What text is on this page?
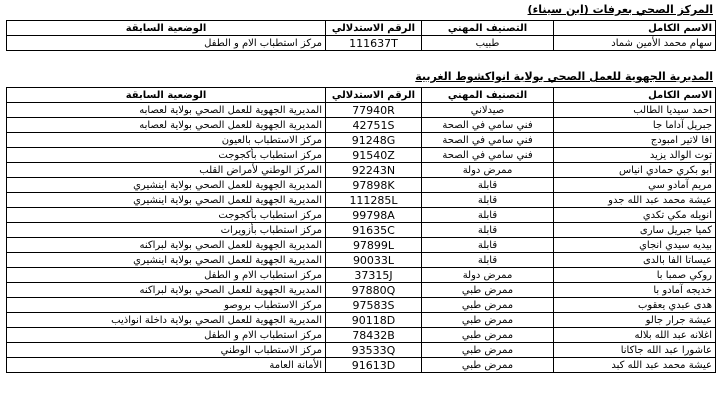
المركز الصحي بعرفات (ابن سيناء)
الاسم الكامل	التصنيف المهني	الرقم الاستدلالي	الوضعية السابقة
سهام محمد الأمين شماد	طبيب	111637T	مركز استطباب الام و الطفل
المديرية الجهوية للعمل الصحي بولاية انواكشوط الغربية
الاسم الكامل	التصنيف المهني	الرقم الاستدلالي	الوضعية السابقة
احمد سيديا الطالب	صيدلاني	77940R	المديرية الجهوية للعمل الصحي بولاية لعصابه
جبريل آداما جا	فني سامي في الصحة	42751S	المديرية الجهوية للعمل الصحي بولاية لعصابه
افا لاتير امبودج	فني سامي في الصحة	91248G	مركز الاستطباب بالعيون
توت الوالد يزيد	فني سامي في الصحة	91540Z	مركز استطباب بأكجوجت
أبو بكري حمادي انياس	ممرض دولة	92243N	المركز الوطني لأمراض القلب
مريم آمادو سي	قابلة	97898K	المديرية الجهوية للعمل الصحي بولاية اينشيري
عيشة محمد عبد الله جدو	قابلة	111285L	المديرية الجهوية للعمل الصحي بولاية اينشيري
انويله مكي تكدي	قابلة	99798A	مركز استطباب بأكجوجت
كميا جبريل سارى	قابلة	91635C	مركز استطباب بأزويرات
بيديه سيدي انجاي	قابلة	97899L	المديرية الجهوية للعمل الصحي بولاية لبراكنه
عيساتا الفا بالدى	قابلة	90033L	المديرية الجهوية للعمل الصحي بولاية اينشيري
روكي صمبا با	ممرض دولة	37315J	مركز استطباب الام و الطفل
خديجه آمادو با	ممرض طبي	97880Q	المديرية الجهوية للعمل الصحي بولاية لبراكنه
هدى عبدي يعقوب	ممرض طبي	97583S	مركز الاستطباب بروصو
عيشة جرار جالو	ممرض طبي	90118D	المديرية الجهوية للعمل الصحي بولاية داخلة انواذيب
اغلانه عبد الله بلاله	ممرض طبي	78432B	مركز استطباب الام و الطفل
عاشورا عبد الله جاكانا	ممرض طبي	93533Q	مركز الاستطباب الوطني
عيشة محمد عبد الله كبد	ممرض طبي	91613D	الأمانة العامة
